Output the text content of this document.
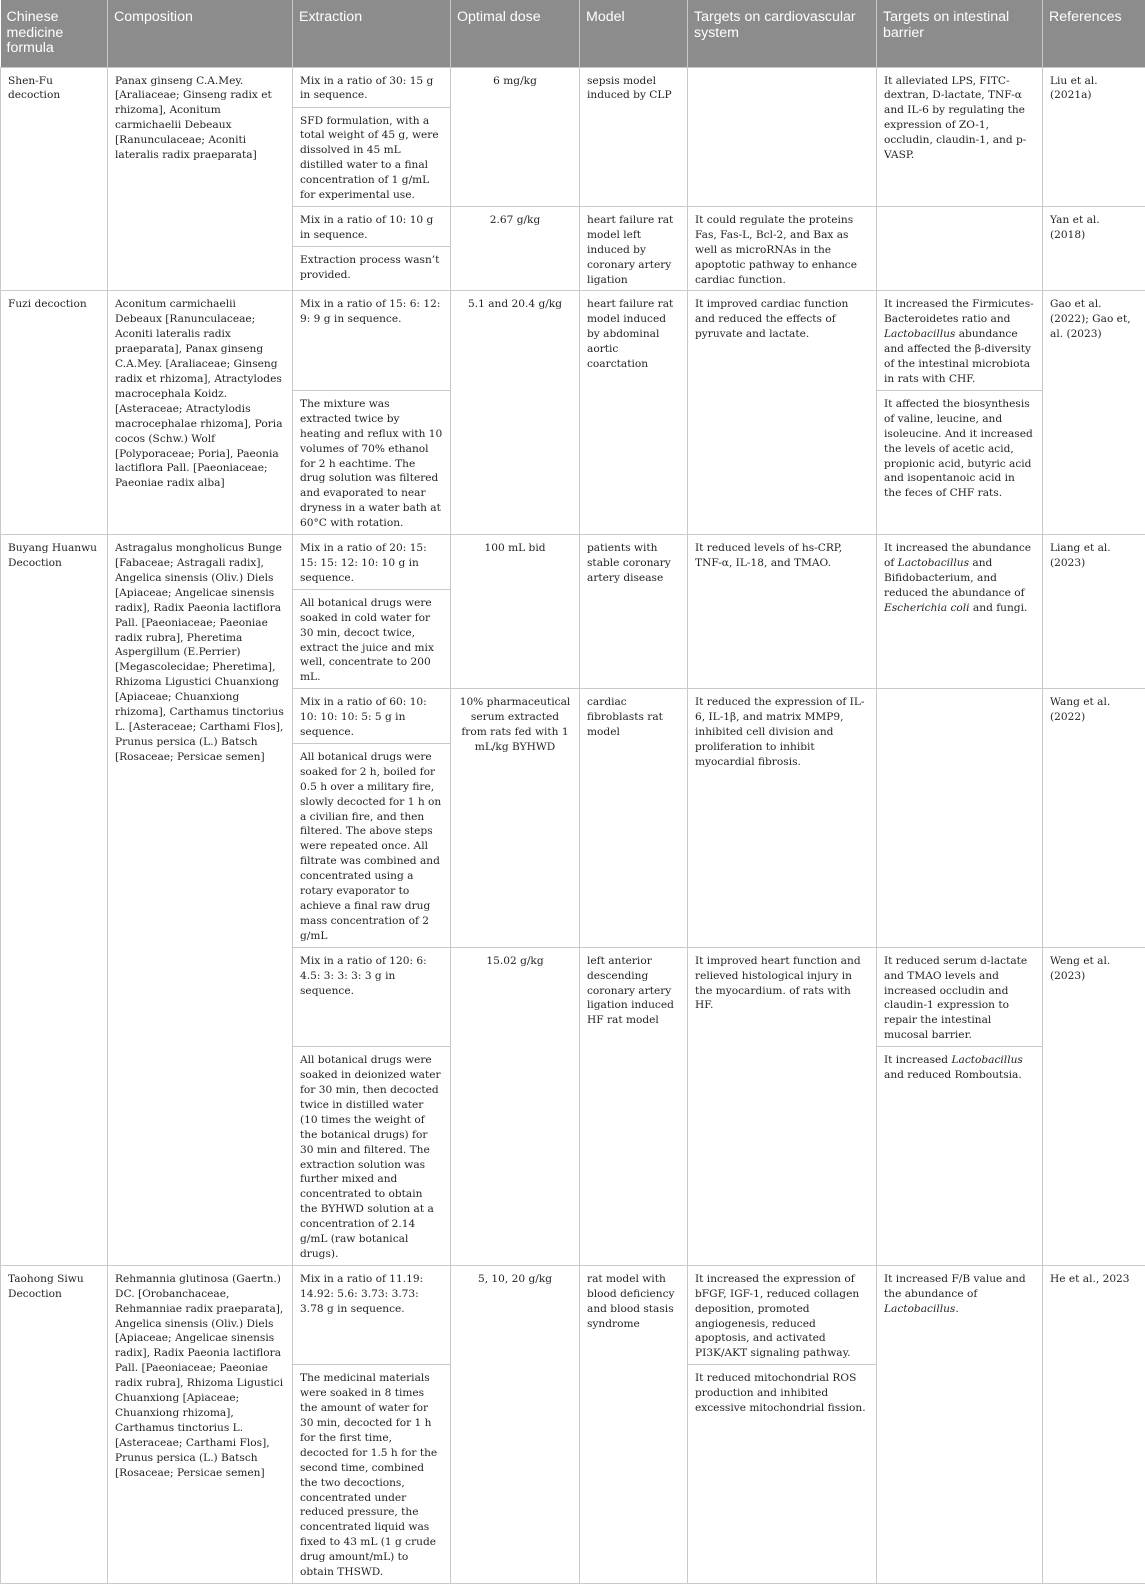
Chinese medicine formula	Composition	Extraction	Optimal dose	Model	Targets on cardiovascular system	Targets on intestinal barrier	References
Shen-Fu decoction	Panax ginseng C.A.Mey. [Araliaceae; Ginseng radix et rhizoma], Aconitum carmichaelii Debeaux [Ranunculaceae; Aconiti lateralis radix praeparata]	Mix in a ratio of 30: 15 g in sequence.	6 mg/kg	sepsis model induced by CLP		It alleviated LPS, FITC-dextran, D-lactate, TNF-α and IL-6 by regulating the expression of ZO-1, occludin, claudin-1, and p-VASP.	Liu et al. (2021a)
		SFD formulation, with a total weight of 45 g, were dissolved in 45 mL distilled water to a final concentration of 1 g/mL for experimental use.					
		Mix in a ratio of 10: 10 g in sequence.	2.67 g/kg	heart failure rat model left induced by coronary artery ligation	It could regulate the proteins Fas, Fas-L, Bcl-2, and Bax as well as microRNAs in the apoptotic pathway to enhance cardiac function.		Yan et al. (2018)
		Extraction process wasn’t provided.					
Fuzi decoction	Aconitum carmichaelii Debeaux [Ranunculaceae; Aconiti lateralis radix praeparata], Panax ginseng C.A.Mey. [Araliaceae; Ginseng radix et rhizoma], Atractylodes macrocephala Koidz. [Asteraceae; Atractylodis macrocephalae rhizoma], Poria cocos (Schw.) Wolf [Polyporaceae; Poria], Paeonia lactiflora Pall. [Paeoniaceae; Paeoniae radix alba]	Mix in a ratio of 15: 6: 12: 9: 9 g in sequence.	5.1 and 20.4 g/kg	heart failure rat model induced by abdominal aortic coarctation	It improved cardiac function and reduced the effects of pyruvate and lactate.	It increased the Firmicutes-Bacteroidetes ratio and Lactobacillus abundance and affected the β-diversity of the intestinal microbiota in rats with CHF.	Gao et al. (2022); Gao et, al. (2023)
		The mixture was extracted twice by heating and reflux with 10 volumes of 70% ethanol for 2 h eachtime. The drug solution was filtered and evaporated to near dryness in a water bath at 60°C with rotation.				It affected the biosynthesis of valine, leucine, and isoleucine. And it increased the levels of acetic acid, propionic acid, butyric acid and isopentanoic acid in the feces of CHF rats.	
Buyang Huanwu Decoction	Astragalus mongholicus Bunge [Fabaceae; Astragali radix], Angelica sinensis (Oliv.) Diels [Apiaceae; Angelicae sinensis radix], Radix Paeonia lactiflora Pall. [Paeoniaceae; Paeoniae radix rubra], Pheretima Aspergillum (E.Perrier) [Megascolecidae; Pheretima], Rhizoma Ligustici Chuanxiong [Apiaceae; Chuanxiong rhizoma], Carthamus tinctorius L. [Asteraceae; Carthami Flos], Prunus persica (L.) Batsch [Rosaceae; Persicae semen]	Mix in a ratio of 20: 15: 15: 15: 12: 10: 10 g in sequence.	100 mL bid	patients with stable coronary artery disease	It reduced levels of hs-CRP, TNF-α, IL-18, and TMAO.	It increased the abundance of Lactobacillus and Bifidobacterium, and reduced the abundance of Escherichia coli and fungi.	Liang et al. (2023)
		All botanical drugs were soaked in cold water for 30 min, decoct twice, extract the juice and mix well, concentrate to 200 mL.					
		Mix in a ratio of 60: 10: 10: 10: 10: 5: 5 g in sequence.	10% pharmaceutical serum extracted from rats fed with 1 mL/kg BYHWD	cardiac fibroblasts rat model	It reduced the expression of IL-6, IL-1β, and matrix MMP9, inhibited cell division and proliferation to inhibit myocardial fibrosis.		Wang et al. (2022)
		All botanical drugs were soaked for 2 h, boiled for 0.5 h over a military fire, slowly decocted for 1 h on a civilian fire, and then filtered. The above steps were repeated once. All filtrate was combined and concentrated using a rotary evaporator to achieve a final raw drug mass concentration of 2 g/mL					
		Mix in a ratio of 120: 6: 4.5: 3: 3: 3: 3 g in sequence.	15.02 g/kg	left anterior descending coronary artery ligation induced HF rat model	It improved heart function and relieved histological injury in the myocardium. of rats with HF.	It reduced serum d-lactate and TMAO levels and increased occludin and claudin-1 expression to repair the intestinal mucosal barrier.	Weng et al. (2023)
		All botanical drugs were soaked in deionized water for 30 min, then decocted twice in distilled water (10 times the weight of the botanical drugs) for 30 min and filtered. The extraction solution was further mixed and concentrated to obtain the BYHWD solution at a concentration of 2.14 g/mL (raw botanical drugs).				It increased Lactobacillus and reduced Romboutsia.	
Taohong Siwu Decoction	Rehmannia glutinosa (Gaertn.) DC. [Orobanchaceae, Rehmanniae radix praeparata], Angelica sinensis (Oliv.) Diels [Apiaceae; Angelicae sinensis radix], Radix Paeonia lactiflora Pall. [Paeoniaceae; Paeoniae radix rubra], Rhizoma Ligustici Chuanxiong [Apiaceae; Chuanxiong rhizoma], Carthamus tinctorius L. [Asteraceae; Carthami Flos], Prunus persica (L.) Batsch [Rosaceae; Persicae semen]	Mix in a ratio of 11.19: 14.92: 5.6: 3.73: 3.73: 3.78 g in sequence.	5, 10, 20 g/kg	rat model with blood deficiency and blood stasis syndrome	It increased the expression of bFGF, IGF-1, reduced collagen deposition, promoted angiogenesis, reduced apoptosis, and activated PI3K/AKT signaling pathway.	It increased F/B value and the abundance of Lactobacillus.	He et al., 2023
		The medicinal materials were soaked in 8 times the amount of water for 30 min, decocted for 1 h for the first time, decocted for 1.5 h for the second time, combined the two decoctions, concentrated under reduced pressure, the concentrated liquid was fixed to 43 mL (1 g crude drug amount/mL) to obtain THSWD.			It reduced mitochondrial ROS production and inhibited excessive mitochondrial fission.		
